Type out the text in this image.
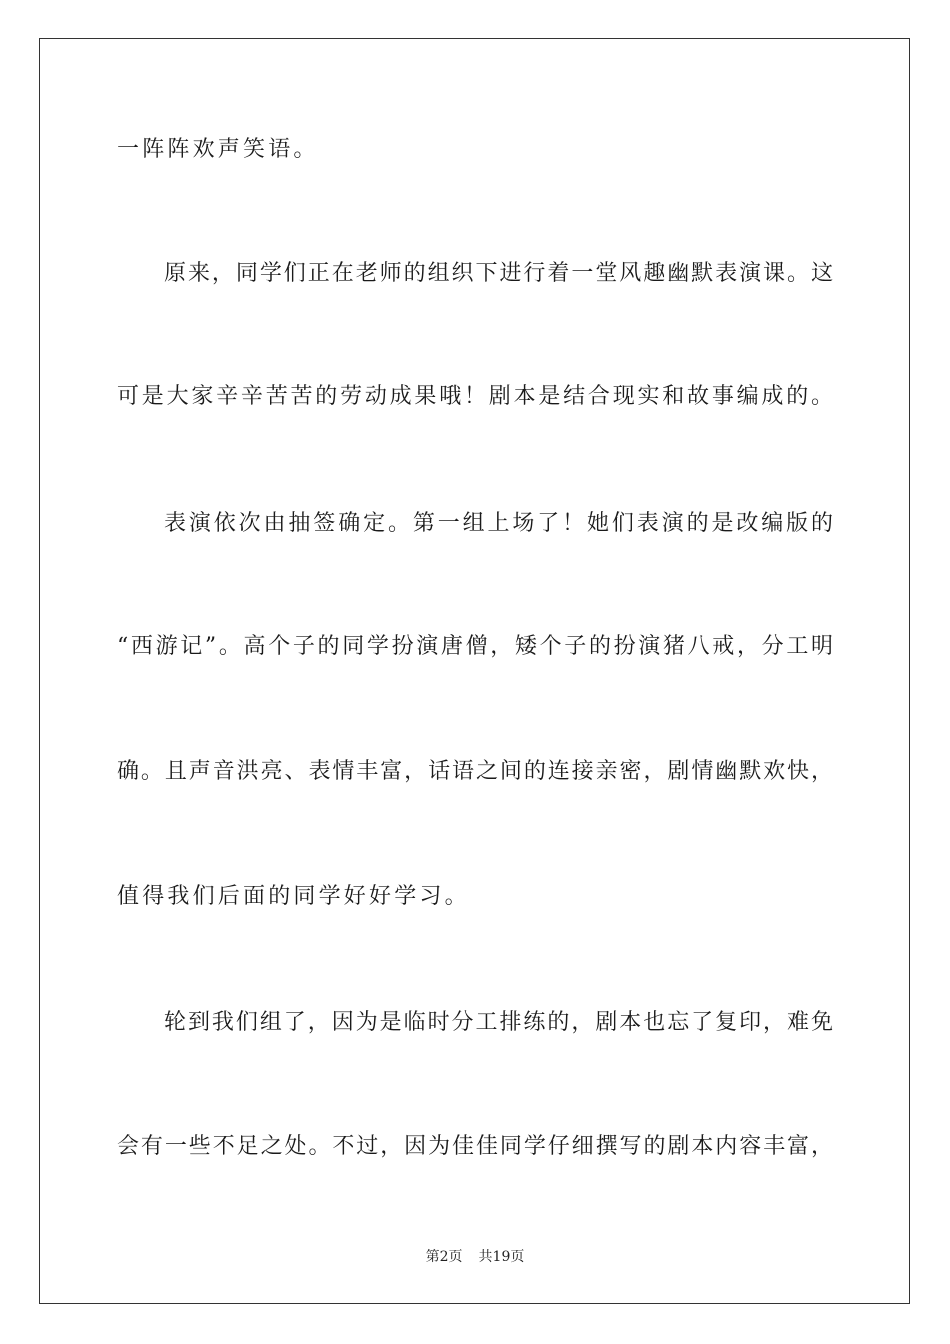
一阵阵欢声笑语。
原来，同学们正在老师的组织下进行着一堂风趣幽默表演课。这
可是大家辛辛苦苦的劳动成果哦！剧本是结合现实和故事编成的。
表演依次由抽签确定。第一组上场了！她们表演的是改编版的
“西游记”。高个子的同学扮演唐僧，矮个子的扮演猪八戒，分工明
确。且声音洪亮、表情丰富，话语之间的连接亲密，剧情幽默欢快，
值得我们后面的同学好好学习。
轮到我们组了，因为是临时分工排练的，剧本也忘了复印，难免
会有一些不足之处。不过，因为佳佳同学仔细撰写的剧本内容丰富，
第2页 共19页
